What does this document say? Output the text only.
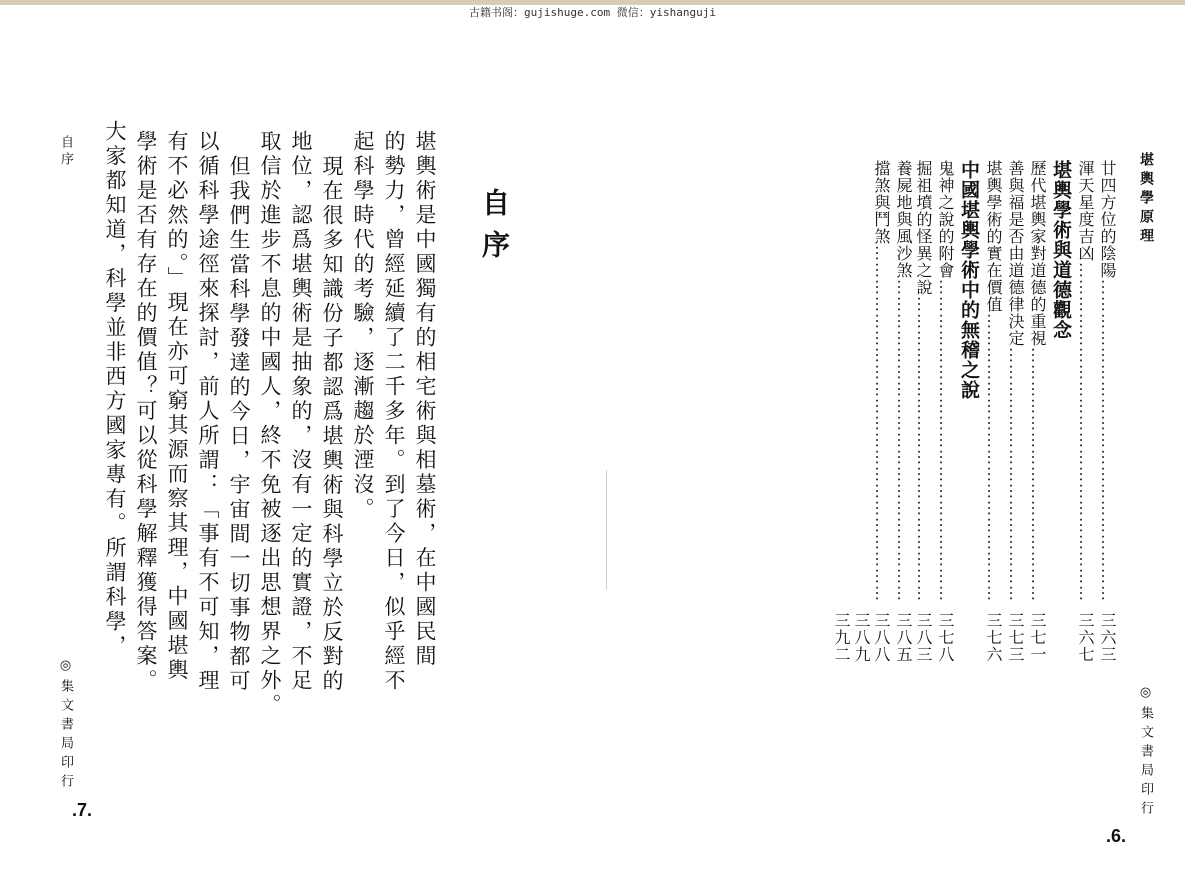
古籍书阁：gujishuge.com 微信：yishanguji
自序
自序
堪輿術是中國獨有的相宅術與相墓術，在中國民間
的勢力，曾經延續了二千多年。到了今日，似乎經不
起科學時代的考驗，逐漸趨於湮沒。
現在很多知識份子都認爲堪輿術與科學立於反對的
地位，認爲堪輿術是抽象的，沒有一定的實證，不足
取信於進步不息的中國人，終不免被逐出思想界之外。
但我們生當科學發達的今日，宇宙間一切事物都可
以循科學途徑來探討，前人所謂：「事有不可知，理
有不必然的。」現在亦可窮其源而察其理，中國堪輿
學術是否有存在的價值？可以從科學解釋獲得答案。
大家都知道，科學並非西方國家專有。所謂科學，
◎集文書局印行
.7.
堪輿學原理
廿四方位的陰陽 …………………………………………………………………………
三六三
渾天星度吉凶 …………………………………………………………………………
三六七
堪輿學術與道德觀念
歷代堪輿家對道德的重視 …………………………………………………………………………
三七一
善與福是否由道德律決定 …………………………………………………………………………
三七三
堪輿學術的實在價值 …………………………………………………………………………
三七六
中國堪輿學術中的無稽之說
鬼神之說的附會 …………………………………………………………………………
三七八
掘祖墳的怪異之說 …………………………………………………………………………
三八三
養屍地與風沙煞 …………………………………………………………………………
三八五
擋煞與鬥煞 …………………………………………………………………………
三八八
三八九
三九二
◎集文書局印行
.6.
